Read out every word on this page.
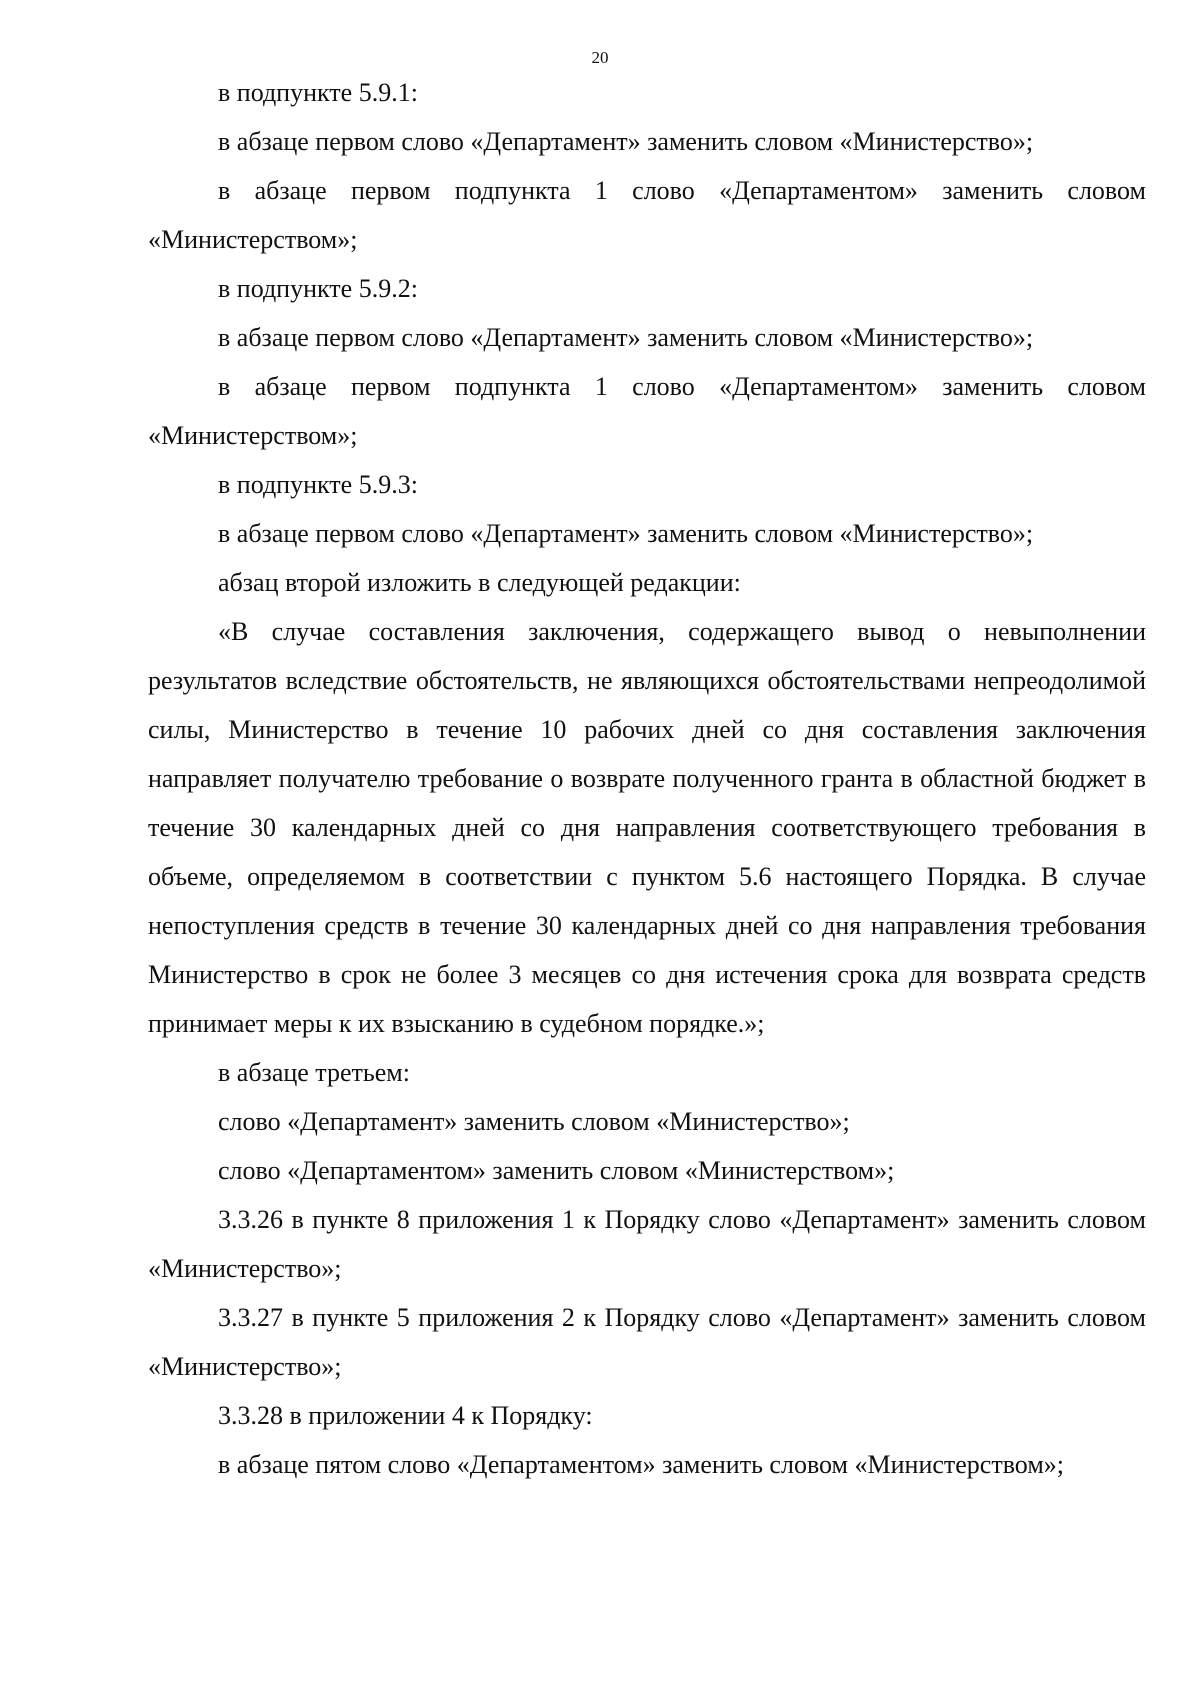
20

в подпункте 5.9.1:

в абзаце первом слово «Департамент» заменить словом «Министерство»;

в абзаце первом подпункта 1 слово «Департаментом» заменить словом «Министерством»;

в подпункте 5.9.2:

в абзаце первом слово «Департамент» заменить словом «Министерство»;

в абзаце первом подпункта 1 слово «Департаментом» заменить словом «Министерством»;

в подпункте 5.9.3:

в абзаце первом слово «Департамент» заменить словом «Министерство»;

абзац второй изложить в следующей редакции:

«В случае составления заключения, содержащего вывод о невыполнении результатов вследствие обстоятельств, не являющихся обстоятельствами непреодолимой силы, Министерство в течение 10 рабочих дней со дня составления заключения направляет получателю требование о возврате полученного гранта в областной бюджет в течение 30 календарных дней со дня направления соответствующего требования в объеме, определяемом в соответствии с пунктом 5.6 настоящего Порядка. В случае непоступления средств в течение 30 календарных дней со дня направления требования Министерство в срок не более 3 месяцев со дня истечения срока для возврата средств принимает меры к их взысканию в судебном порядке.»;

в абзаце третьем:

слово «Департамент» заменить словом «Министерство»;

слово «Департаментом» заменить словом «Министерством»;

3.3.26 в пункте 8 приложения 1 к Порядку слово «Департамент» заменить словом «Министерство»;

3.3.27 в пункте 5 приложения 2 к Порядку слово «Департамент» заменить словом «Министерство»;

3.3.28 в приложении 4 к Порядку:

в абзаце пятом слово «Департаментом» заменить словом «Министерством»;
